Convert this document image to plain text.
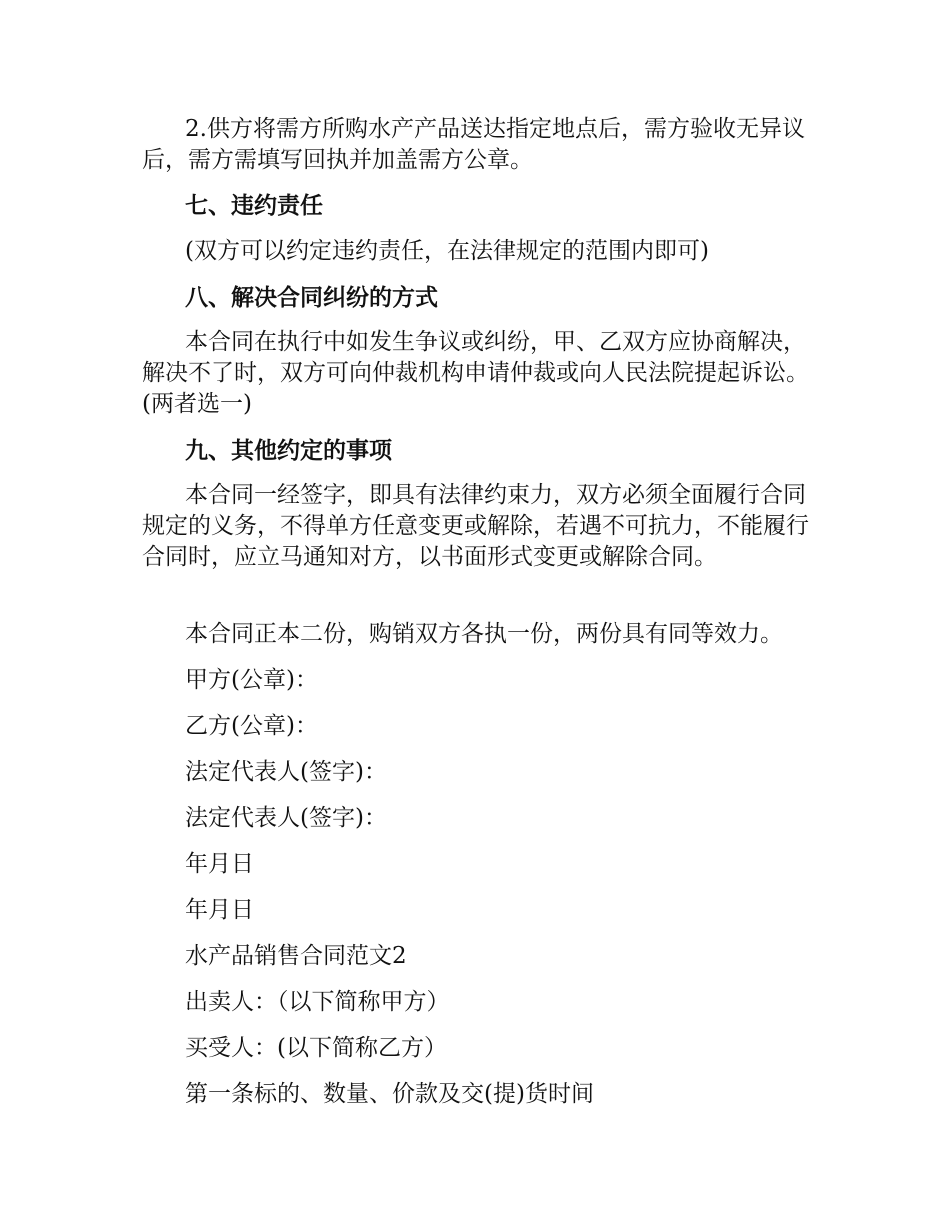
2.供方将需方所购水产产品送达指定地点后，需方验收无异议后，需方需填写回执并加盖需方公章。

七、违约责任

(双方可以约定违约责任，在法律规定的范围内即可)

八、解决合同纠纷的方式

本合同在执行中如发生争议或纠纷，甲、乙双方应协商解决，解决不了时，双方可向仲裁机构申请仲裁或向人民法院提起诉讼。(两者选一)

九、其他约定的事项

本合同一经签字，即具有法律约束力，双方必须全面履行合同规定的义务，不得单方任意变更或解除，若遇不可抗力，不能履行合同时，应立马通知对方，以书面形式变更或解除合同。

本合同正本二份，购销双方各执一份，两份具有同等效力。

甲方(公章)：

乙方(公章)：

法定代表人(签字)：

法定代表人(签字)：

年月日

年月日

水产品销售合同范文2

出卖人：（以下简称甲方）

买受人：(以下简称乙方）

第一条标的、数量、价款及交(提)货时间
